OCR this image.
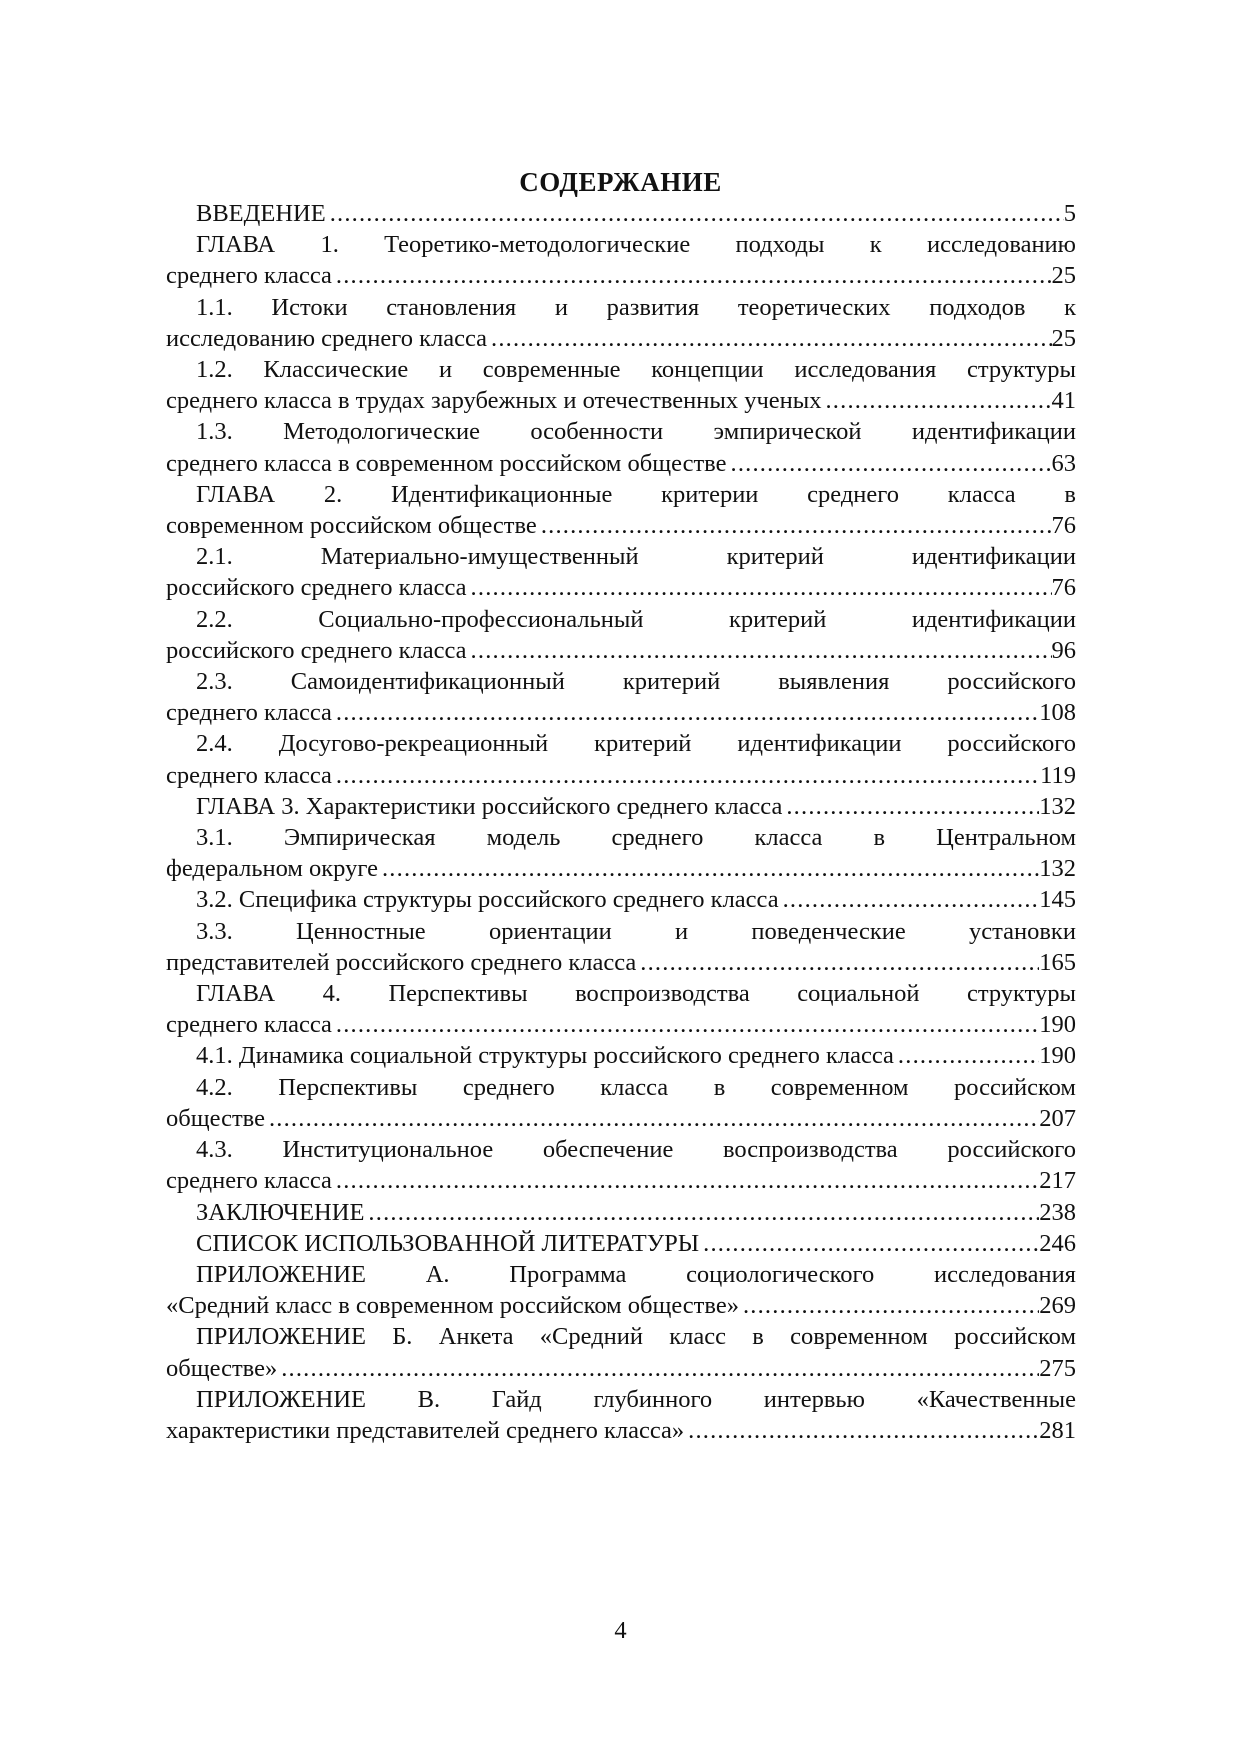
СОДЕРЖАНИЕ
ВВЕДЕНИЕ .....	5
ГЛАВА 1. Теоретико-методологические подходы к исследованию
среднего класса .....	25
1.1. Истоки становления и развития теоретических подходов к
исследованию среднего класса .....	25
1.2. Классические и современные концепции исследования структуры
среднего класса в трудах зарубежных и отечественных ученых .....	41
1.3. Методологические особенности эмпирической идентификации
среднего класса в современном российском обществе .....	63
ГЛАВА 2. Идентификационные критерии среднего класса в
современном российском обществе .....	76
2.1.	Материально-имущественный	критерий	идентификации
российского среднего класса .....	76
2.2.	Социально-профессиональный	критерий	идентификации
российского среднего класса .....	96
2.3. Самоидентификационный критерий выявления российского
среднего класса .....	108
2.4. Досугово-рекреационный критерий идентификации российского
среднего класса .....	119
ГЛАВА 3. Характеристики российского среднего класса .....	132
3.1. Эмпирическая модель среднего класса в Центральном
федеральном округе .....	132
3.2. Специфика структуры российского среднего класса .....	145
3.3.	Ценностные	ориентации	и	поведенческие	установки
представителей российского среднего класса .....	165
ГЛАВА 4. Перспективы воспроизводства социальной структуры
среднего класса .....	190
4.1. Динамика социальной структуры российского среднего класса .....	190
4.2. Перспективы среднего класса в современном российском
обществе .....	207
4.3. Институциональное обеспечение воспроизводства российского
среднего класса .....	217
ЗАКЛЮЧЕНИЕ .....	238
СПИСОК ИСПОЛЬЗОВАННОЙ ЛИТЕРАТУРЫ .....	246
ПРИЛОЖЕНИЕ А. Программа социологического исследования
«Средний класс в современном российском обществе» .....	269
ПРИЛОЖЕНИЕ Б. Анкета «Средний класс в современном российском
обществе» .....	275
ПРИЛОЖЕНИЕ В. Гайд глубинного интервью «Качественные
характеристики представителей среднего класса» .....	281
4
